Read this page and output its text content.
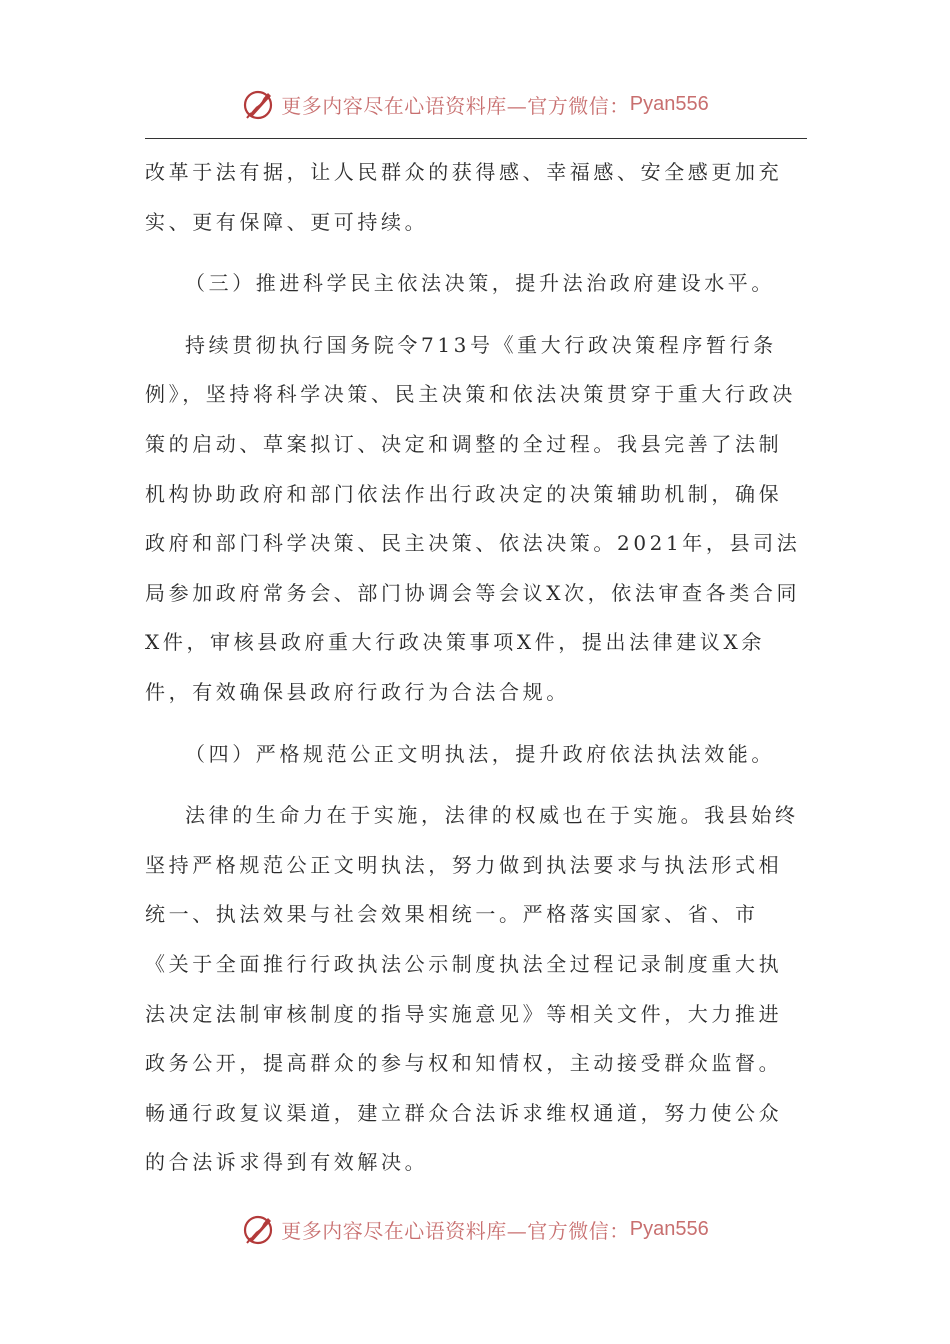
更多内容尽在心语资料库—官方微信： Pyan556

改革于法有据，让人民群众的获得感、幸福感、安全感更加充实、更有保障、更可持续。

（三）推进科学民主依法决策，提升法治政府建设水平。

持续贯彻执行国务院令713号《重大行政决策程序暂行条例》，坚持将科学决策、民主决策和依法决策贯穿于重大行政决策的启动、草案拟订、决定和调整的全过程。我县完善了法制机构协助政府和部门依法作出行政决定的决策辅助机制，确保政府和部门科学决策、民主决策、依法决策。2021年，县司法局参加政府常务会、部门协调会等会议X次，依法审查各类合同X件，审核县政府重大行政决策事项X件，提出法律建议X余件，有效确保县政府行政行为合法合规。

（四）严格规范公正文明执法，提升政府依法执法效能。

法律的生命力在于实施，法律的权威也在于实施。我县始终坚持严格规范公正文明执法，努力做到执法要求与执法形式相统一、执法效果与社会效果相统一。严格落实国家、省、市《关于全面推行行政执法公示制度执法全过程记录制度重大执法决定法制审核制度的指导实施意见》等相关文件，大力推进政务公开，提高群众的参与权和知情权，主动接受群众监督。畅通行政复议渠道，建立群众合法诉求维权通道，努力使公众的合法诉求得到有效解决。

更多内容尽在心语资料库—官方微信： Pyan556
